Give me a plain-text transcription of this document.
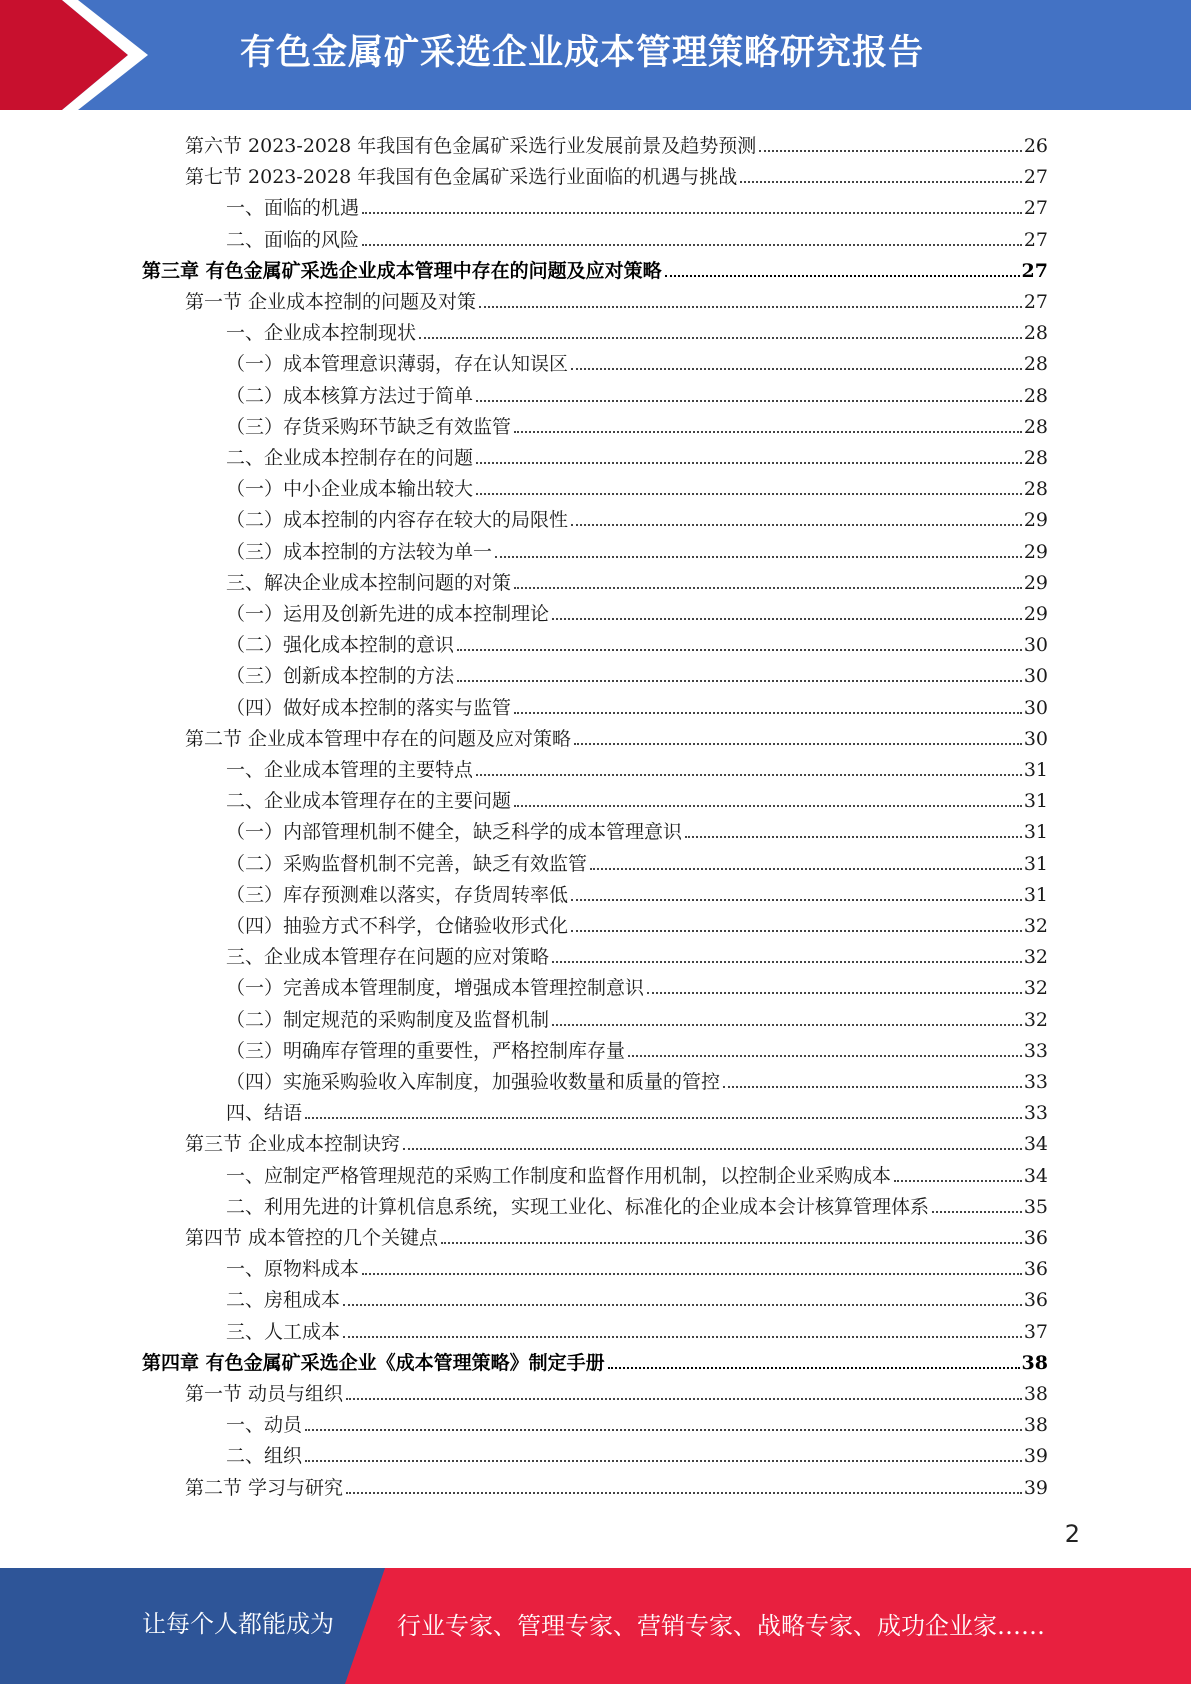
有色金属矿采选企业成本管理策略研究报告
第六节 2023-2028 年我国有色金属矿采选行业发展前景及趋势预测	26
第七节 2023-2028 年我国有色金属矿采选行业面临的机遇与挑战	27
一、面临的机遇	27
二、面临的风险	27
第三章 有色金属矿采选企业成本管理中存在的问题及应对策略	27
第一节 企业成本控制的问题及对策	27
一、企业成本控制现状	28
（一）成本管理意识薄弱，存在认知误区	28
（二）成本核算方法过于简单	28
（三）存货采购环节缺乏有效监管	28
二、企业成本控制存在的问题	28
（一）中小企业成本输出较大	28
（二）成本控制的内容存在较大的局限性	29
（三）成本控制的方法较为单一	29
三、解决企业成本控制问题的对策	29
（一）运用及创新先进的成本控制理论	29
（二）强化成本控制的意识	30
（三）创新成本控制的方法	30
（四）做好成本控制的落实与监管	30
第二节 企业成本管理中存在的问题及应对策略	30
一、企业成本管理的主要特点	31
二、企业成本管理存在的主要问题	31
（一）内部管理机制不健全，缺乏科学的成本管理意识	31
（二）采购监督机制不完善，缺乏有效监管	31
（三）库存预测难以落实，存货周转率低	31
（四）抽验方式不科学，仓储验收形式化	32
三、企业成本管理存在问题的应对策略	32
（一）完善成本管理制度，增强成本管理控制意识	32
（二）制定规范的采购制度及监督机制	32
（三）明确库存管理的重要性，严格控制库存量	33
（四）实施采购验收入库制度，加强验收数量和质量的管控	33
四、结语	33
第三节 企业成本控制诀窍	34
一、应制定严格管理规范的采购工作制度和监督作用机制，以控制企业采购成本	34
二、利用先进的计算机信息系统，实现工业化、标准化的企业成本会计核算管理体系	35
第四节 成本管控的几个关键点	36
一、原物料成本	36
二、房租成本	36
三、人工成本	37
第四章 有色金属矿采选企业《成本管理策略》制定手册	38
第一节 动员与组织	38
一、动员	38
二、组织	39
第二节 学习与研究	39
2
让每个人都能成为	行业专家、管理专家、营销专家、战略专家、成功企业家……
